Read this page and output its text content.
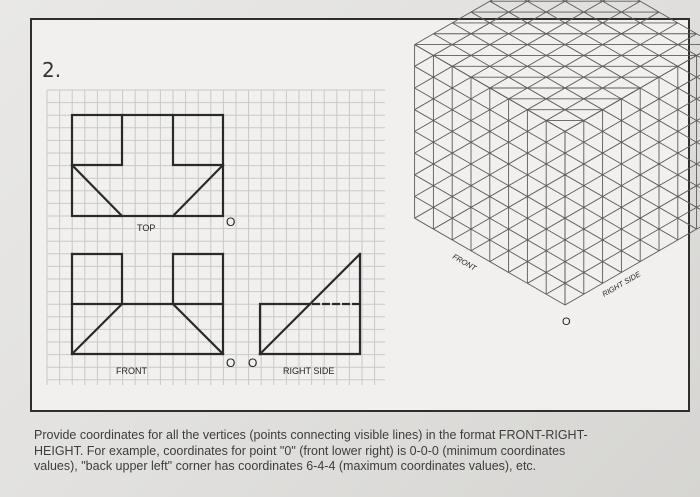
2.
TOP	O
FRONT
O O
RIGHT SIDE
FRONT
RIGHT SIDE
O
Provide coordinates for all the vertices (points connecting visible lines) in the format FRONT-RIGHT-HEIGHT. For example, coordinates for point "0" (front lower right) is 0-0-0 (minimum coordinates values), "back upper left" corner has coordinates 6-4-4 (maximum coordinates values), etc.
